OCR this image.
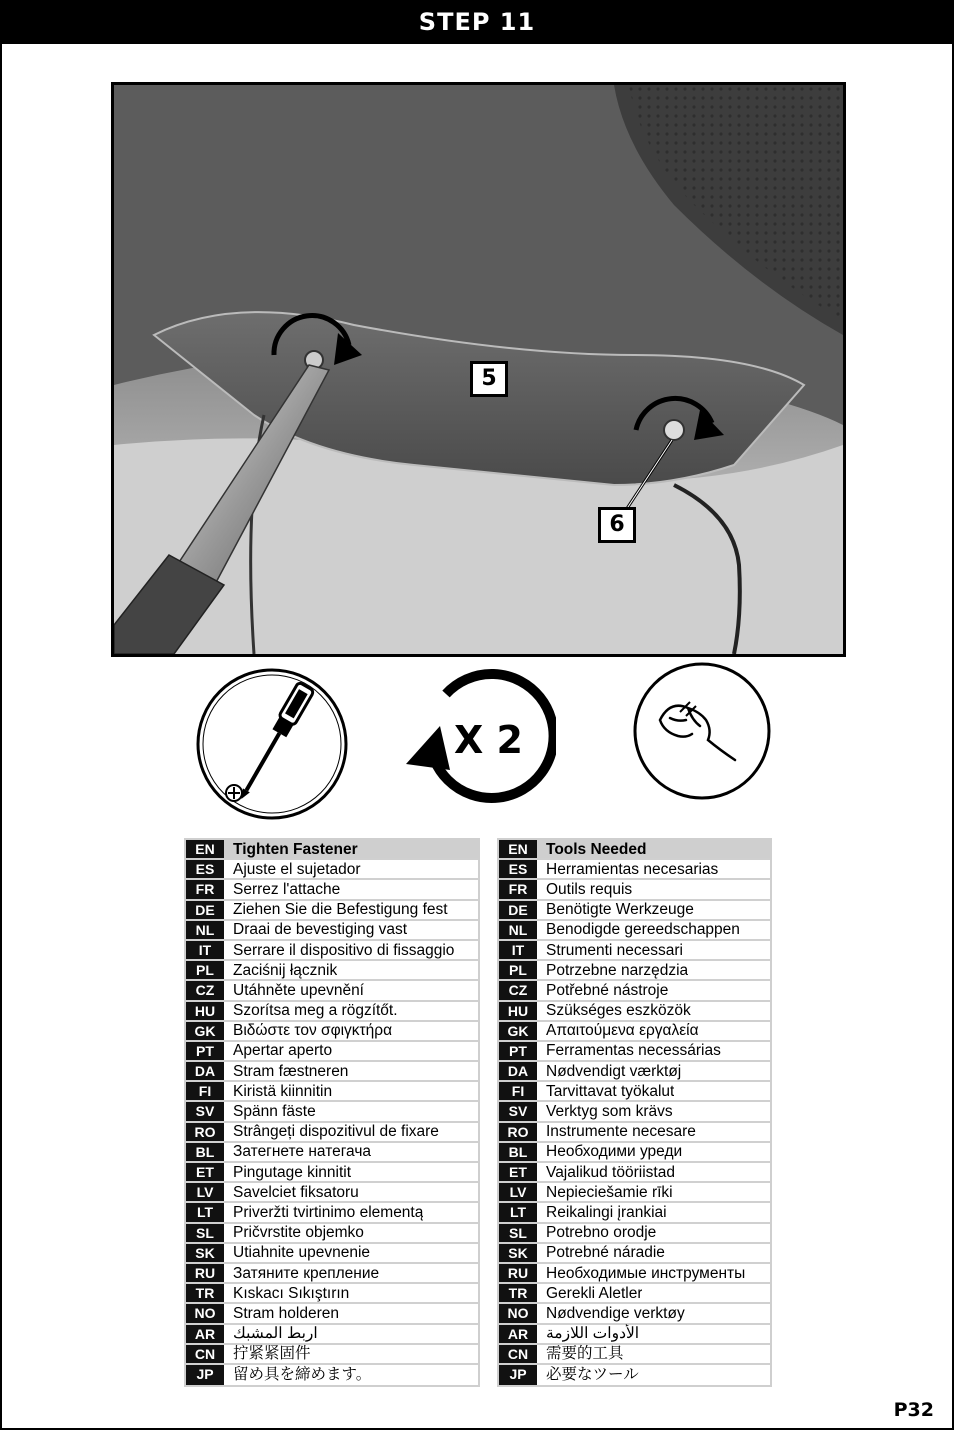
STEP 11
5
6
X 2
EN	Tighten Fastener
ES	Ajuste el sujetador
FR	Serrez l'attache
DE	Ziehen Sie die Befestigung fest
NL	Draai de bevestiging vast
IT	Serrare il dispositivo di fissaggio
PL	Zaciśnij łącznik
CZ	Utáhněte upevnění
HU	Szorítsa meg a rögzítőt.
GK	Βιδώστε τον σφιγκτήρα
PT	Apertar aperto
DA	Stram fæstneren
FI	Kiristä kiinnitin
SV	Spänn fäste
RO	Strângeți dispozitivul de fixare
BL	Затегнете натегача
ET	Pingutage kinnitit
LV	Savelciet fiksatoru
LT	Priveržti tvirtinimo elementą
SL	Pričvrstite objemko
SK	Utiahnite upevnenie
RU	Затяните крепление
TR	Kıskacı Sıkıştırın
NO	Stram holderen
AR	اربط المشبك
CN	拧紧紧固件
JP	留め具を締めます。
EN	Tools Needed
ES	Herramientas necesarias
FR	Outils requis
DE	Benötigte Werkzeuge
NL	Benodigde gereedschappen
IT	Strumenti necessari
PL	Potrzebne narzędzia
CZ	Potřebné nástroje
HU	Szükséges eszközök
GK	Απαιτούμενα εργαλεία
PT	Ferramentas necessárias
DA	Nødvendigt værktøj
FI	Tarvittavat työkalut
SV	Verktyg som krävs
RO	Instrumente necesare
BL	Необходими уреди
ET	Vajalikud tööriistad
LV	Nepieciešamie rīki
LT	Reikalingi įrankiai
SL	Potrebno orodje
SK	Potrebné náradie
RU	Необходимые инструменты
TR	Gerekli Aletler
NO	Nødvendige verktøy
AR	الأدوات اللازمة
CN	需要的工具
JP	必要なツール
P32
